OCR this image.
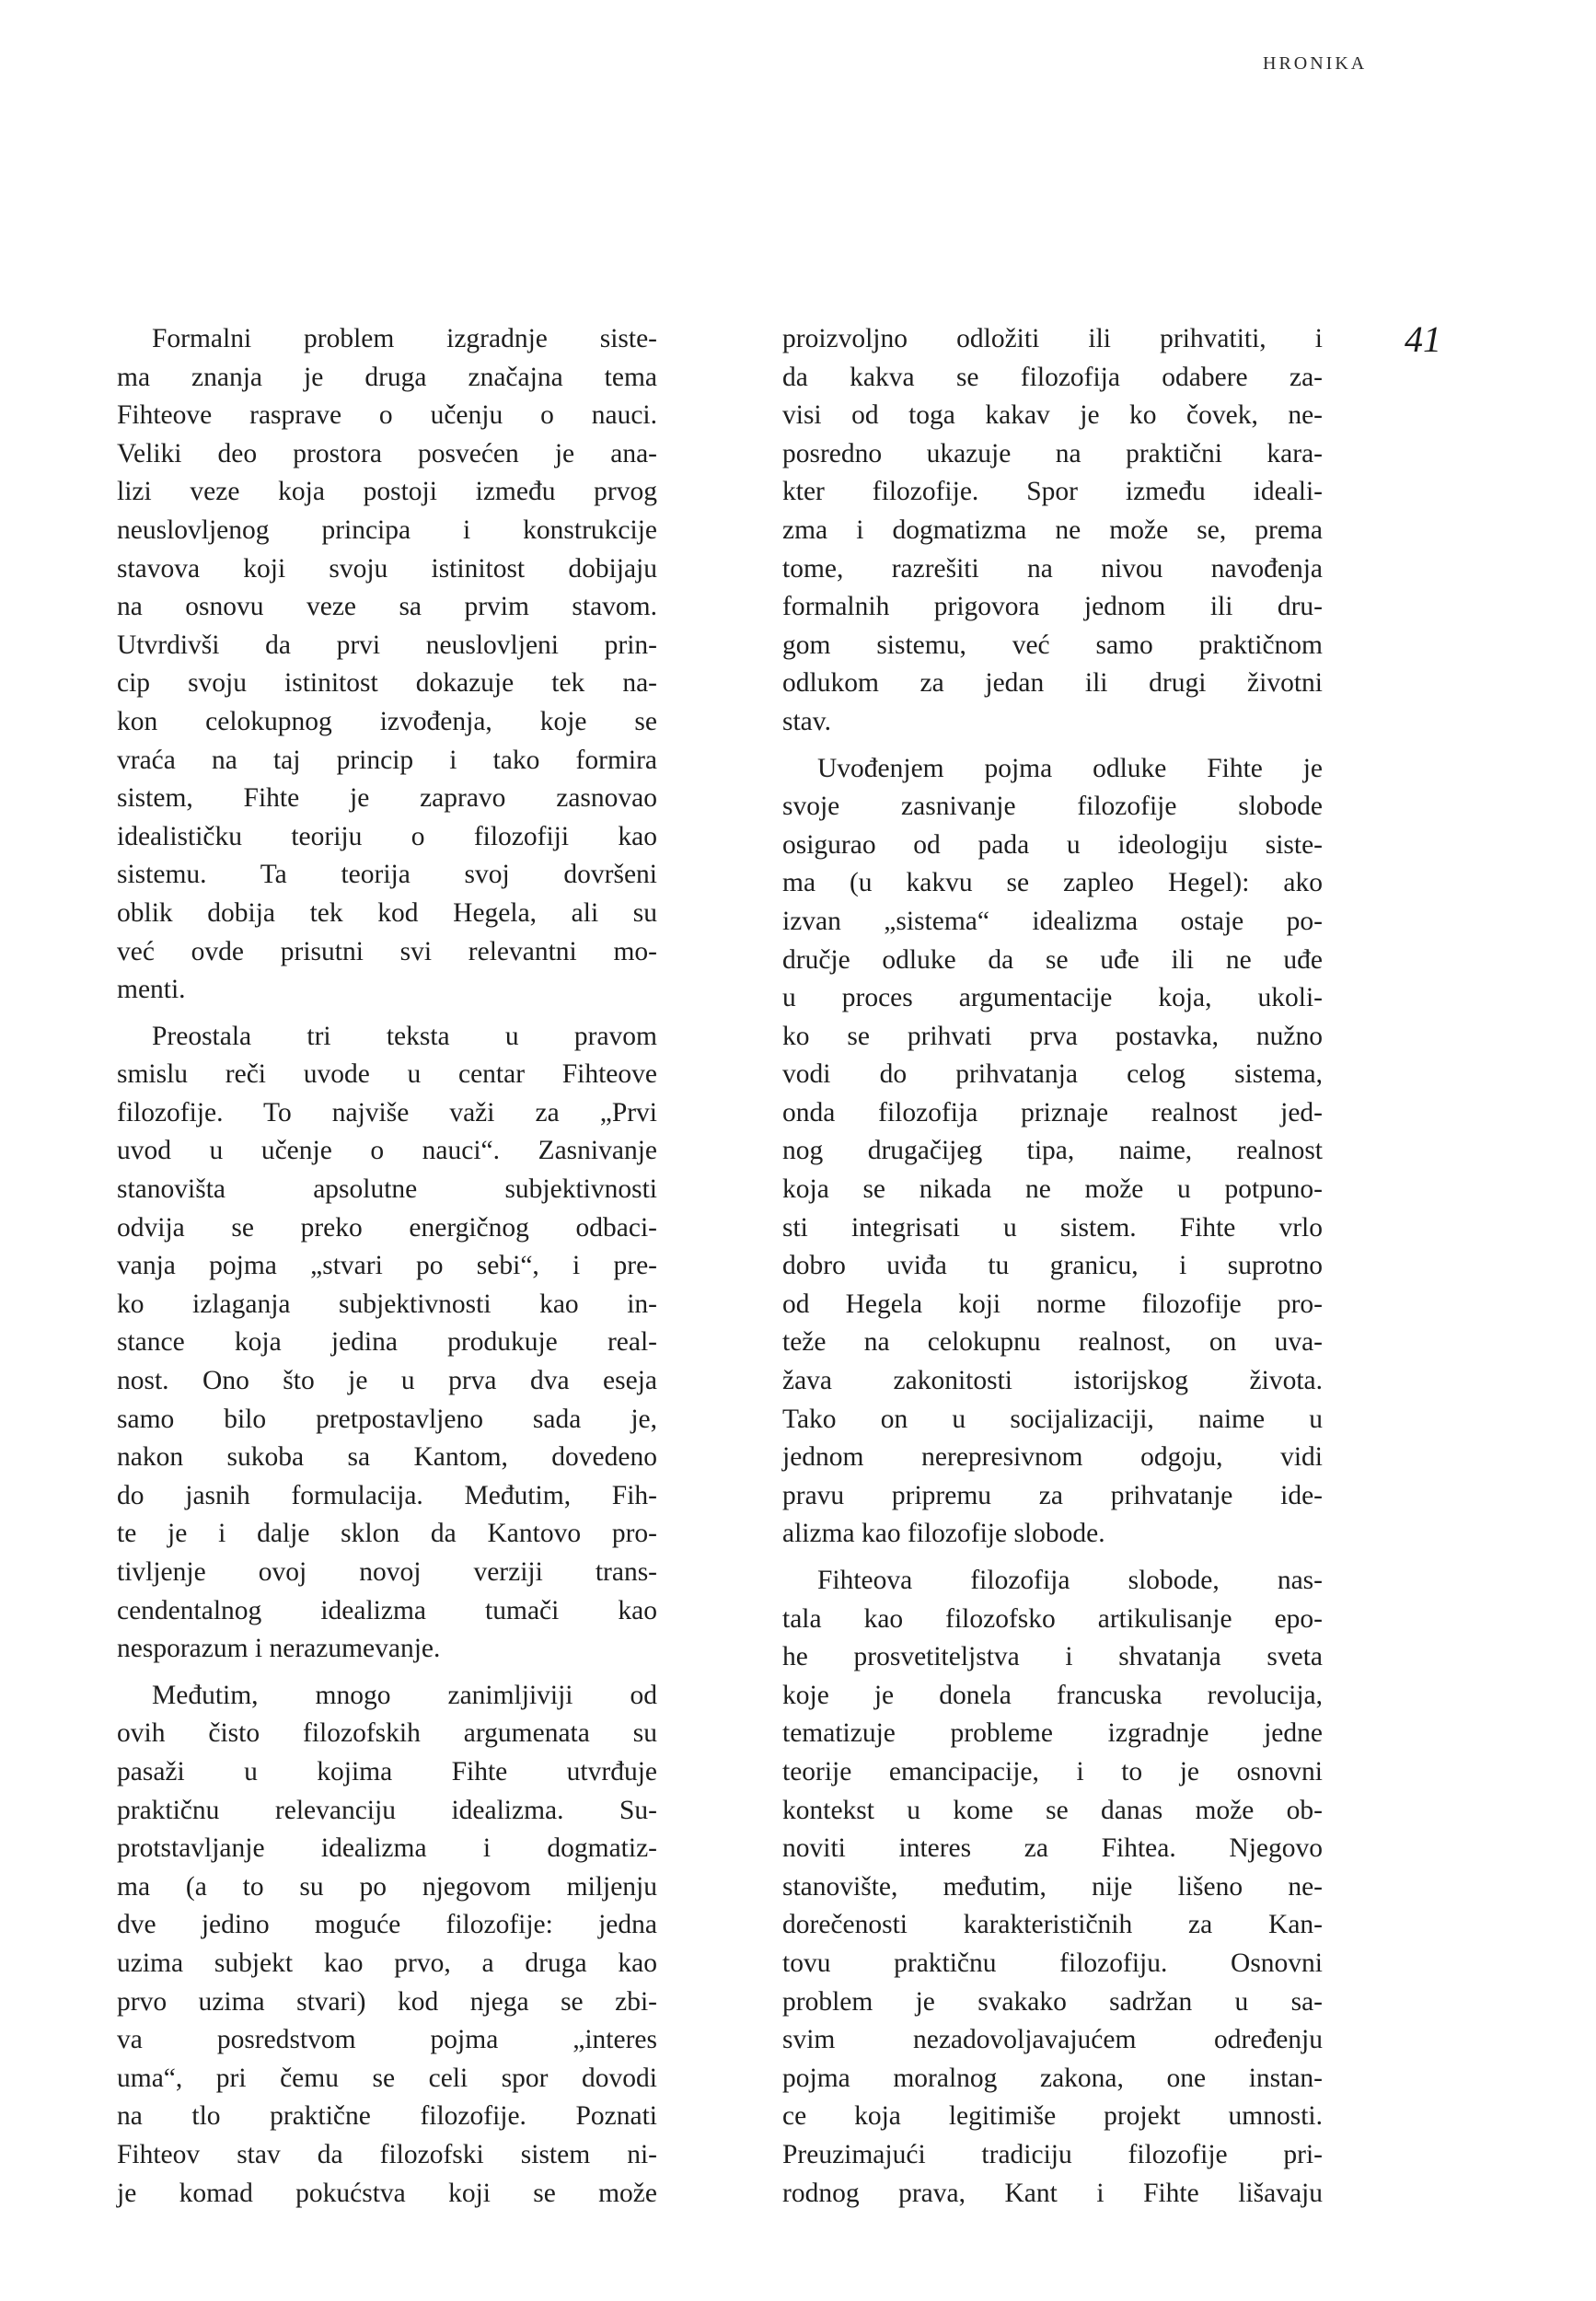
HRONIKA
41
Formalni problem izgradnje siste-
ma znanja je druga značajna tema
Fihteove rasprave o učenju o nauci.
Veliki deo prostora posvećen je ana-
lizi veze koja postoji između prvog
neuslovljenog principa i konstrukcije
stavova koji svoju istinitost dobijaju
na osnovu veze sa prvim stavom.
Utvrdivši da prvi neuslovljeni prin-
cip svoju istinitost dokazuje tek na-
kon celokupnog izvođenja, koje se
vraća na taj princip i tako formira
sistem, Fihte je zapravo zasnovao
idealističku teoriju o filozofiji kao
sistemu. Ta teorija svoj dovršeni
oblik dobija tek kod Hegela, ali su
već ovde prisutni svi relevantni mo-
menti.
Preostala tri teksta u pravom
smislu reči uvode u centar Fihteove
filozofije. To najviše važi za „Prvi
uvod u učenje o nauci“. Zasnivanje
stanovišta apsolutne subjektivnosti
odvija se preko energičnog odbaci-
vanja pojma „stvari po sebi“, i pre-
ko izlaganja subjektivnosti kao in-
stance koja jedina produkuje real-
nost. Ono što je u prva dva eseja
samo bilo pretpostavljeno sada je,
nakon sukoba sa Kantom, dovedeno
do jasnih formulacija. Međutim, Fih-
te je i dalje sklon da Kantovo pro-
tivljenje ovoj novoj verziji trans-
cendentalnog idealizma tumači kao
nesporazum i nerazumevanje.
Međutim, mnogo zanimljiviji od
ovih čisto filozofskih argumenata su
pasaži u kojima Fihte utvrđuje
praktičnu relevanciju idealizma. Su-
protstavljanje idealizma i dogmatiz-
ma (a to su po njegovom miljenju
dve jedino moguće filozofije: jedna
uzima subjekt kao prvo, a druga kao
prvo uzima stvari) kod njega se zbi-
va posredstvom pojma „interes
uma“, pri čemu se celi spor dovodi
na tlo praktične filozofije. Poznati
Fihteov stav da filozofski sistem ni-
je komad pokućstva koji se može
proizvoljno odložiti ili prihvatiti, i
da kakva se filozofija odabere za-
visi od toga kakav je ko čovek, ne-
posredno ukazuje na praktični kara-
kter filozofije. Spor između ideali-
zma i dogmatizma ne može se, prema
tome, razrešiti na nivou navođenja
formalnih prigovora jednom ili dru-
gom sistemu, već samo praktičnom
odlukom za jedan ili drugi životni
stav.
Uvođenjem pojma odluke Fihte je
svoje zasnivanje filozofije slobode
osigurao od pada u ideologiju siste-
ma (u kakvu se zapleo Hegel): ako
izvan „sistema“ idealizma ostaje po-
dručje odluke da se uđe ili ne uđe
u proces argumentacije koja, ukoli-
ko se prihvati prva postavka, nužno
vodi do prihvatanja celog sistema,
onda filozofija priznaje realnost jed-
nog drugačijeg tipa, naime, realnost
koja se nikada ne može u potpuno-
sti integrisati u sistem. Fihte vrlo
dobro uviđa tu granicu, i suprotno
od Hegela koji norme filozofije pro-
teže na celokupnu realnost, on uva-
žava zakonitosti istorijskog života.
Tako on u socijalizaciji, naime u
jednom nerepresivnom odgoju, vidi
pravu pripremu za prihvatanje ide-
alizma kao filozofije slobode.
Fihteova filozofija slobode, nas-
tala kao filozofsko artikulisanje epo-
he prosvetiteljstva i shvatanja sveta
koje je donela francuska revolucija,
tematizuje probleme izgradnje jedne
teorije emancipacije, i to je osnovni
kontekst u kome se danas može ob-
noviti interes za Fihtea. Njegovo
stanovište, međutim, nije lišeno ne-
dorečenosti karakterističnih za Kan-
tovu praktičnu filozofiju. Osnovni
problem je svakako sadržan u sa-
svim nezadovoljavajućem određenju
pojma moralnog zakona, one instan-
ce koja legitimiše projekt umnosti.
Preuzimajući tradiciju filozofije pri-
rodnog prava, Kant i Fihte lišavaju
